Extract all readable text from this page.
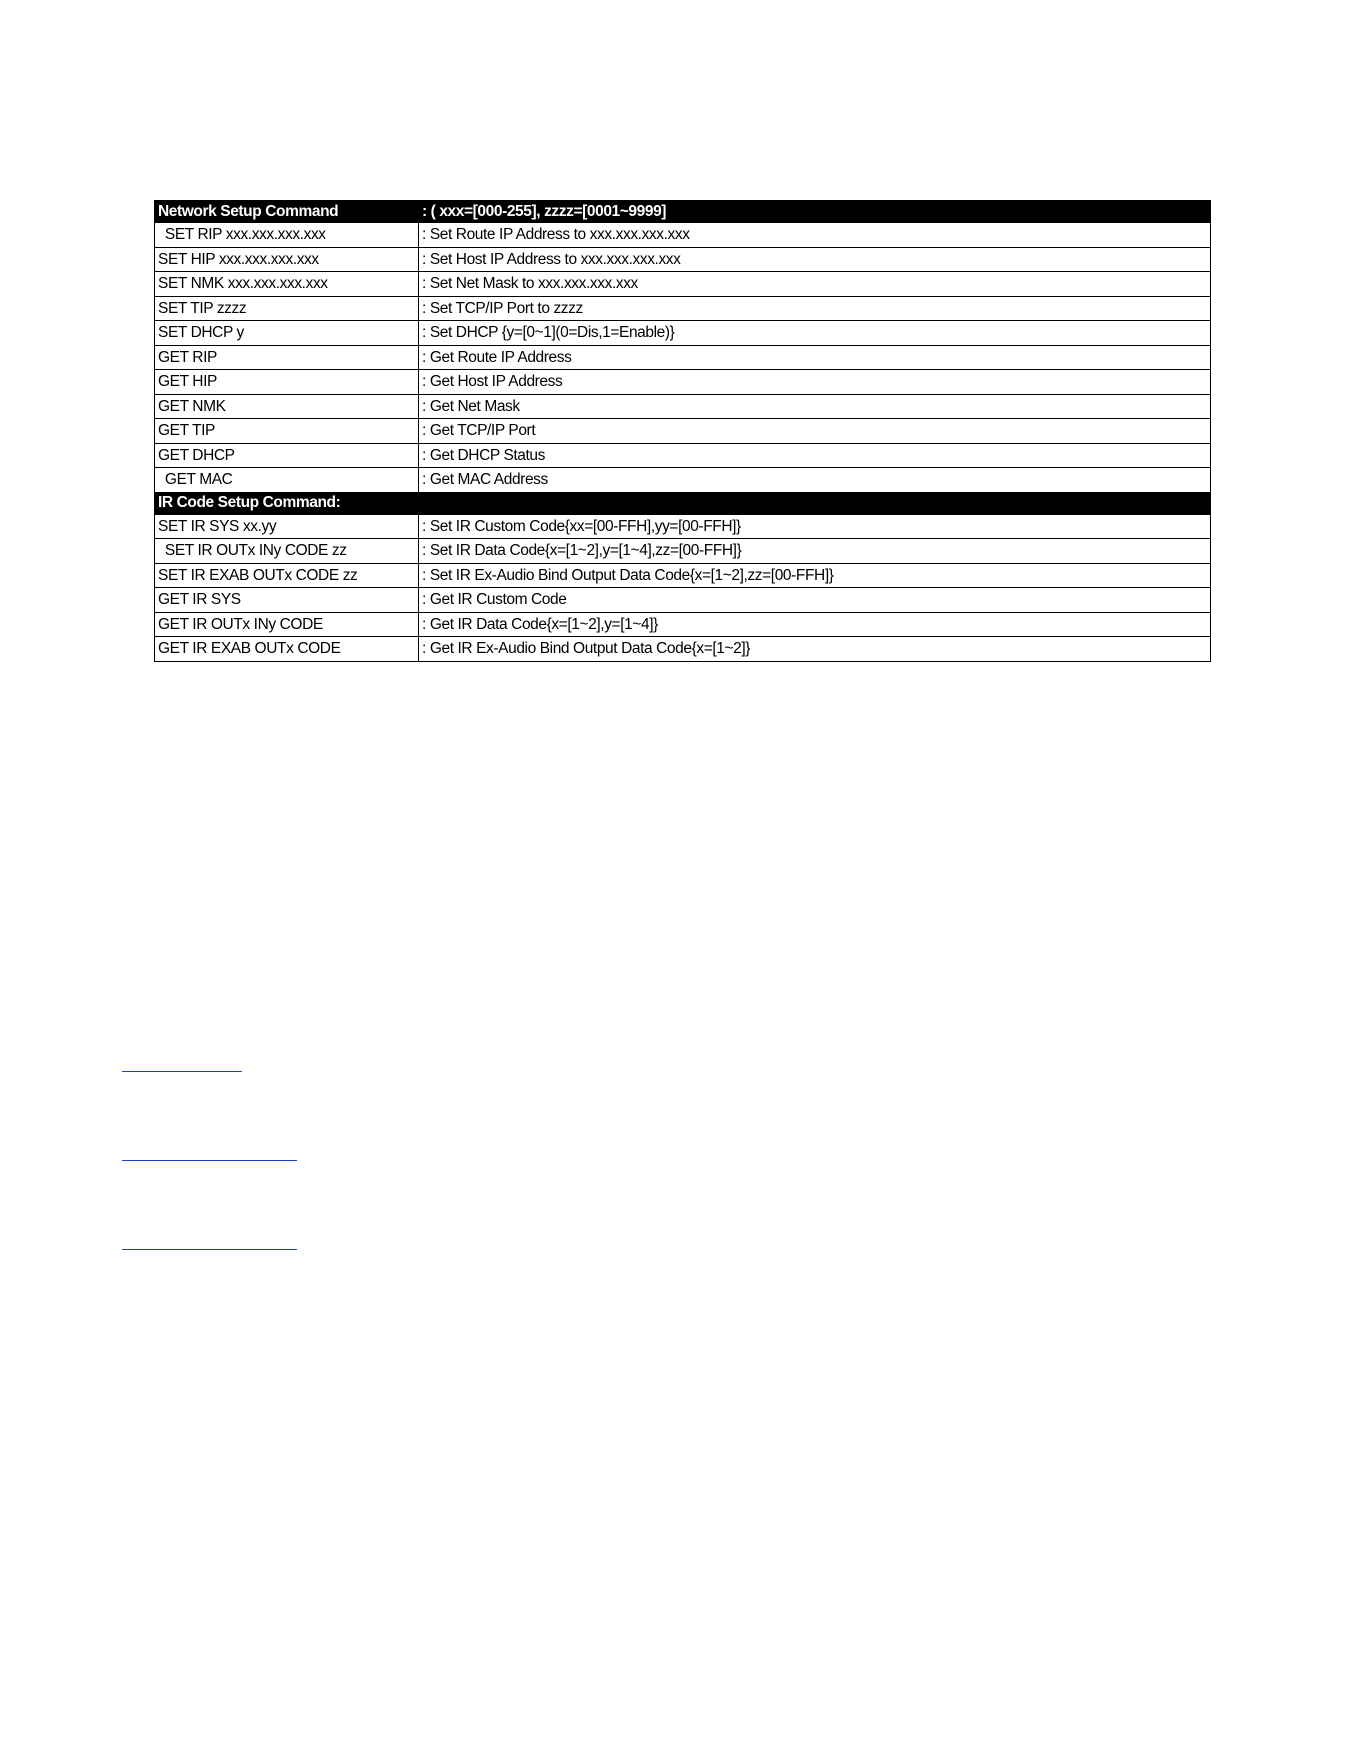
Network Setup Command	: ( xxx=[000-255], zzzz=[0001~9999]
SET RIP xxx.xxx.xxx.xxx	: Set Route IP Address to xxx.xxx.xxx.xxx
SET HIP xxx.xxx.xxx.xxx	: Set Host IP Address to xxx.xxx.xxx.xxx
SET NMK xxx.xxx.xxx.xxx	: Set Net Mask to xxx.xxx.xxx.xxx
SET TIP zzzz	: Set TCP/IP Port to zzzz
SET DHCP y	: Set DHCP {y=[0~1](0=Dis,1=Enable)}
GET RIP	: Get Route IP Address
GET HIP	: Get Host IP Address
GET NMK	: Get Net Mask
GET TIP	: Get TCP/IP Port
GET DHCP	: Get DHCP Status
GET MAC	: Get MAC Address
IR Code Setup Command:	
SET IR SYS xx.yy	: Set IR Custom Code{xx=[00-FFH],yy=[00-FFH]}
SET IR OUTx INy CODE zz	: Set IR Data Code{x=[1~2],y=[1~4],zz=[00-FFH]}
SET IR EXAB OUTx CODE zz	: Set IR Ex-Audio Bind Output Data Code{x=[1~2],zz=[00-FFH]}
GET IR SYS	: Get IR Custom Code
GET IR OUTx INy CODE	: Get IR Data Code{x=[1~2],y=[1~4]}
GET IR EXAB OUTx CODE	: Get IR Ex-Audio Bind Output Data Code{x=[1~2]}
